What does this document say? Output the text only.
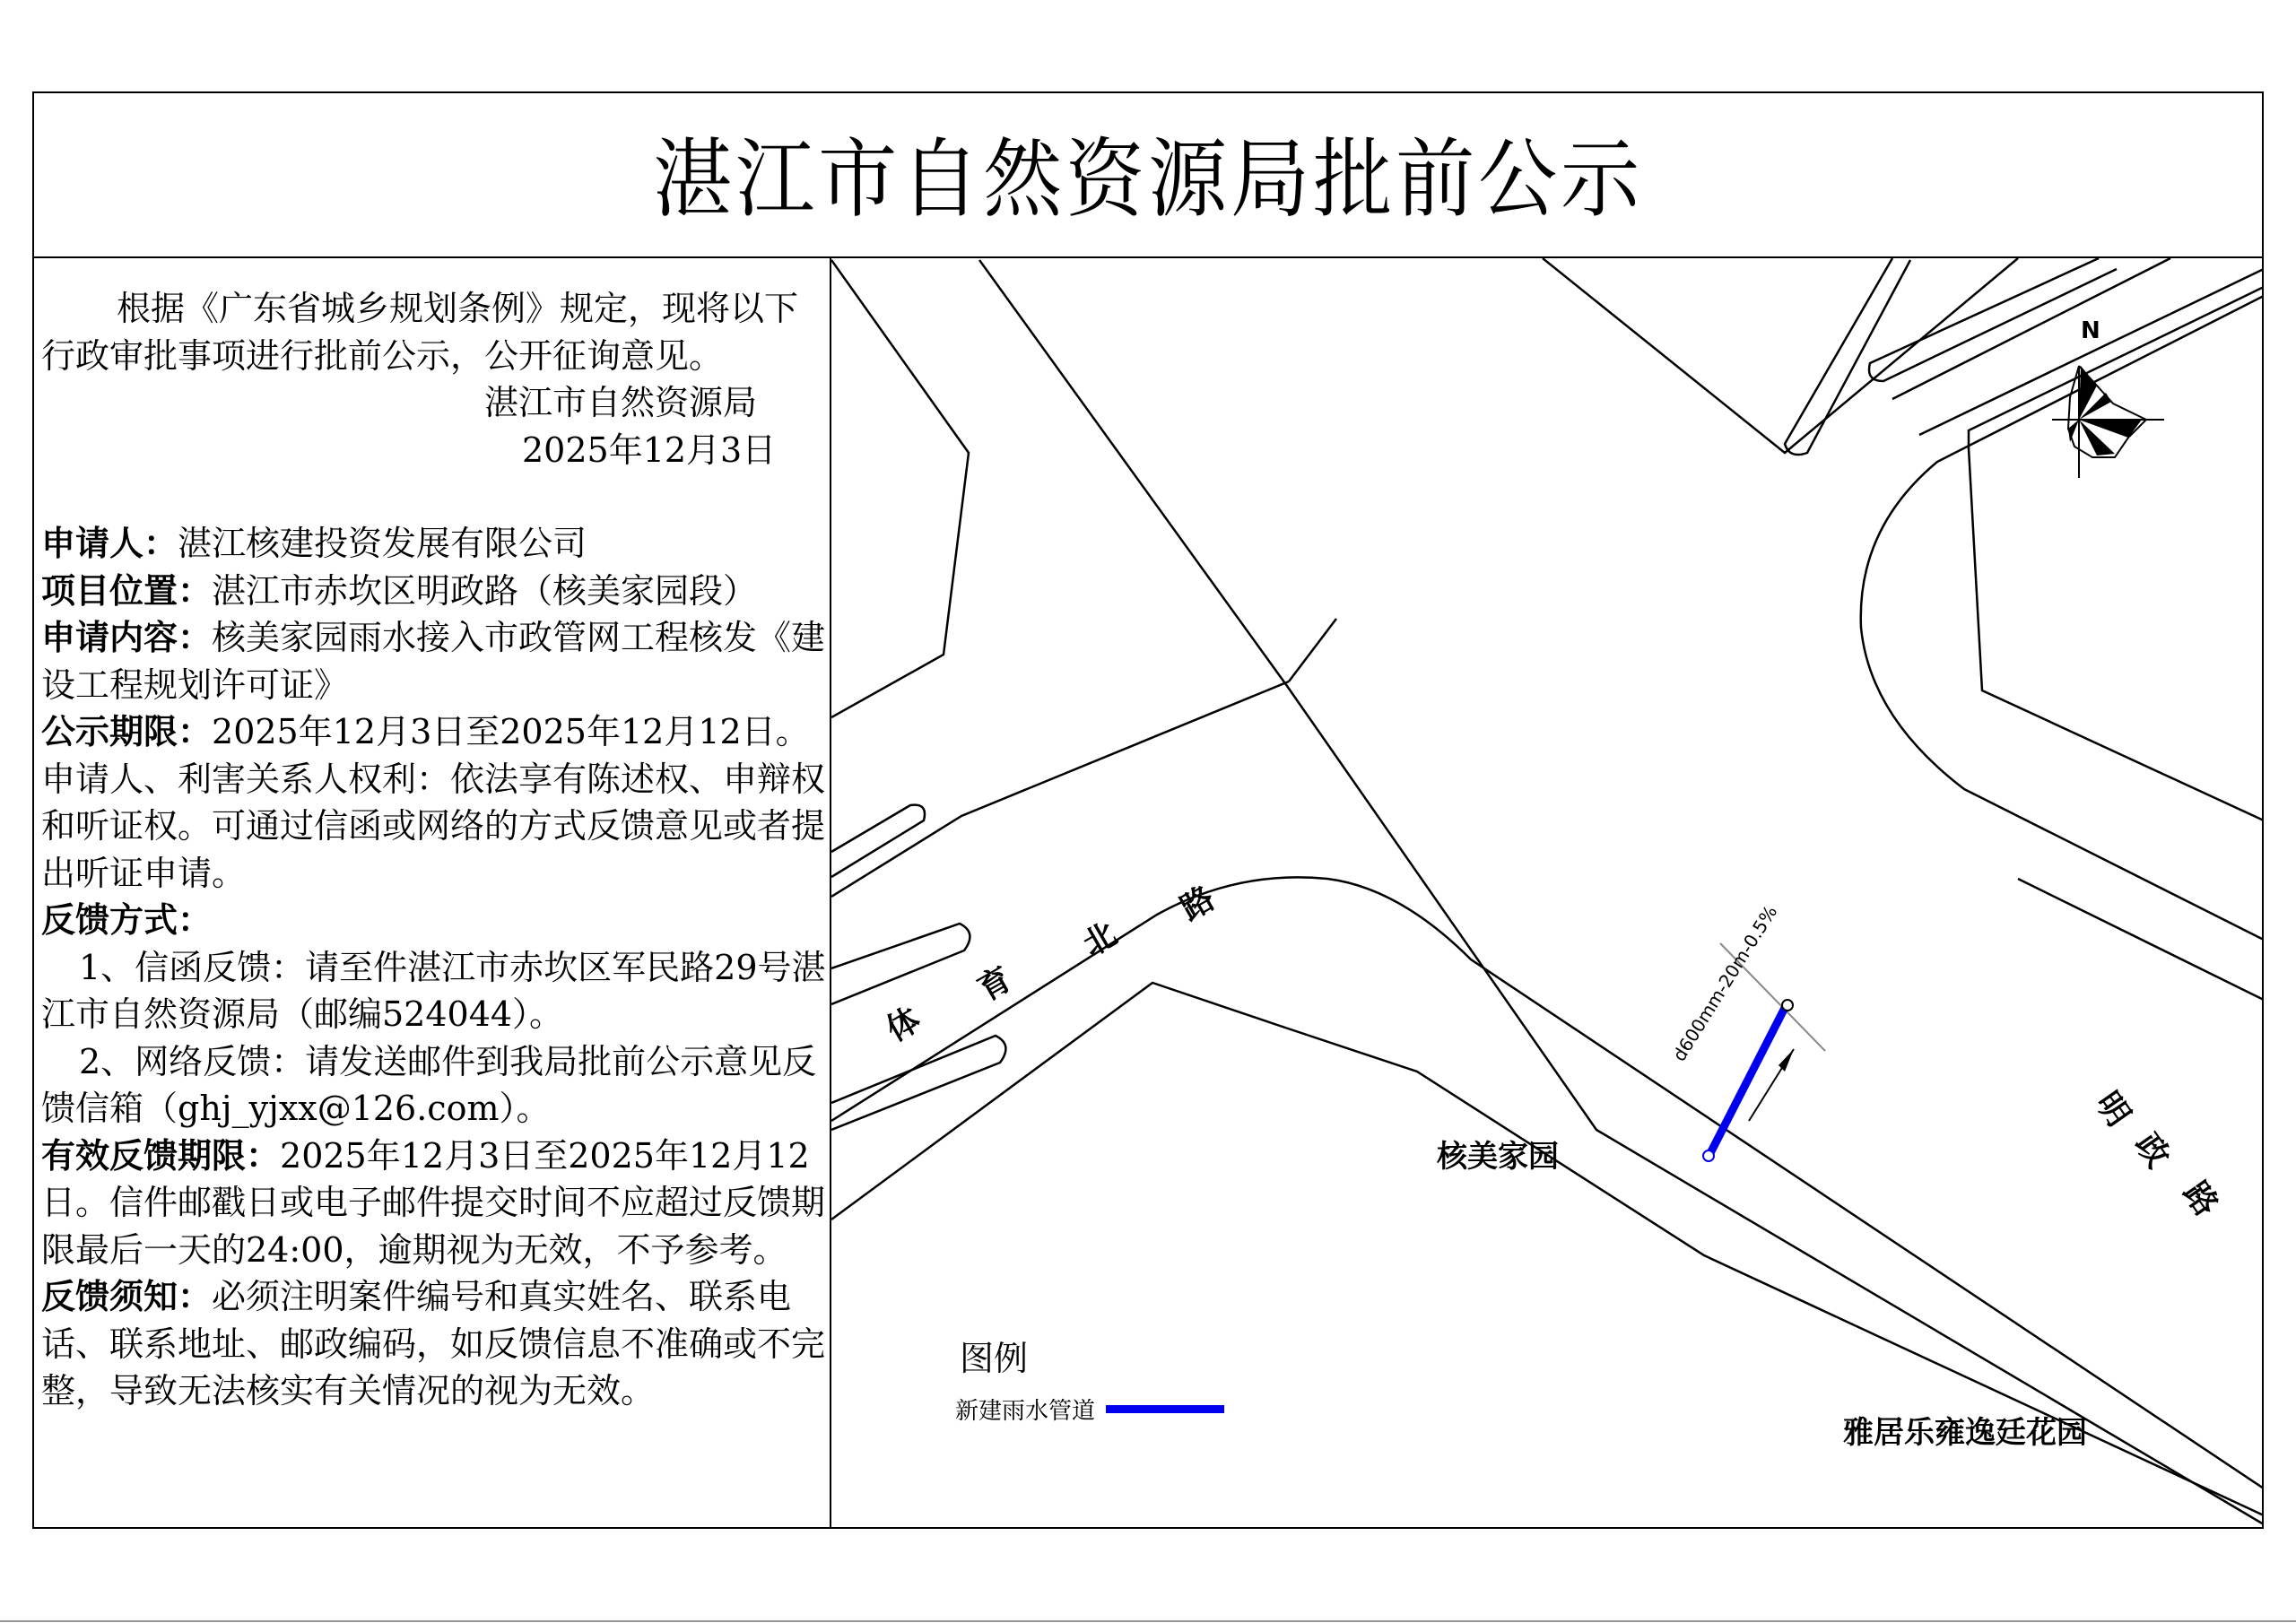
湛江市自然资源局批前公示

根据《广东省城乡规划条例》规定，现将以下行政审批事项进行批前公示，公开征询意见。

湛江市自然资源局

2025年12月3日

申请人：湛江核建投资发展有限公司

项目位置：湛江市赤坎区明政路（核美家园段）

申请内容：核美家园雨水接入市政管网工程核发《建设工程规划许可证》

公示期限：2025年12月3日至2025年12月12日。

申请人、利害关系人权利：依法享有陈述权、申辩权和听证权。可通过信函或网络的方式反馈意见或者提出听证申请。

反馈方式：

1、信函反馈：请至件湛江市赤坎区军民路29号湛江市自然资源局（邮编524044）。

2、网络反馈：请发送邮件到我局批前公示意见反馈信箱（ghj_yjxx@126.com）。

有效反馈期限：2025年12月3日至2025年12月12日。信件邮戳日或电子邮件提交时间不应超过反馈期限最后一天的24:00，逾期视为无效，不予参考。

反馈须知：必须注明案件编号和真实姓名、联系电话、联系地址、邮政编码，如反馈信息不准确或不完整，导致无法核实有关情况的视为无效。

N
体
育
北
路
明
政
路
核美家园
雅居乐雍逸廷花园
d600mm-20m-0.5%
图例
新建雨水管道
